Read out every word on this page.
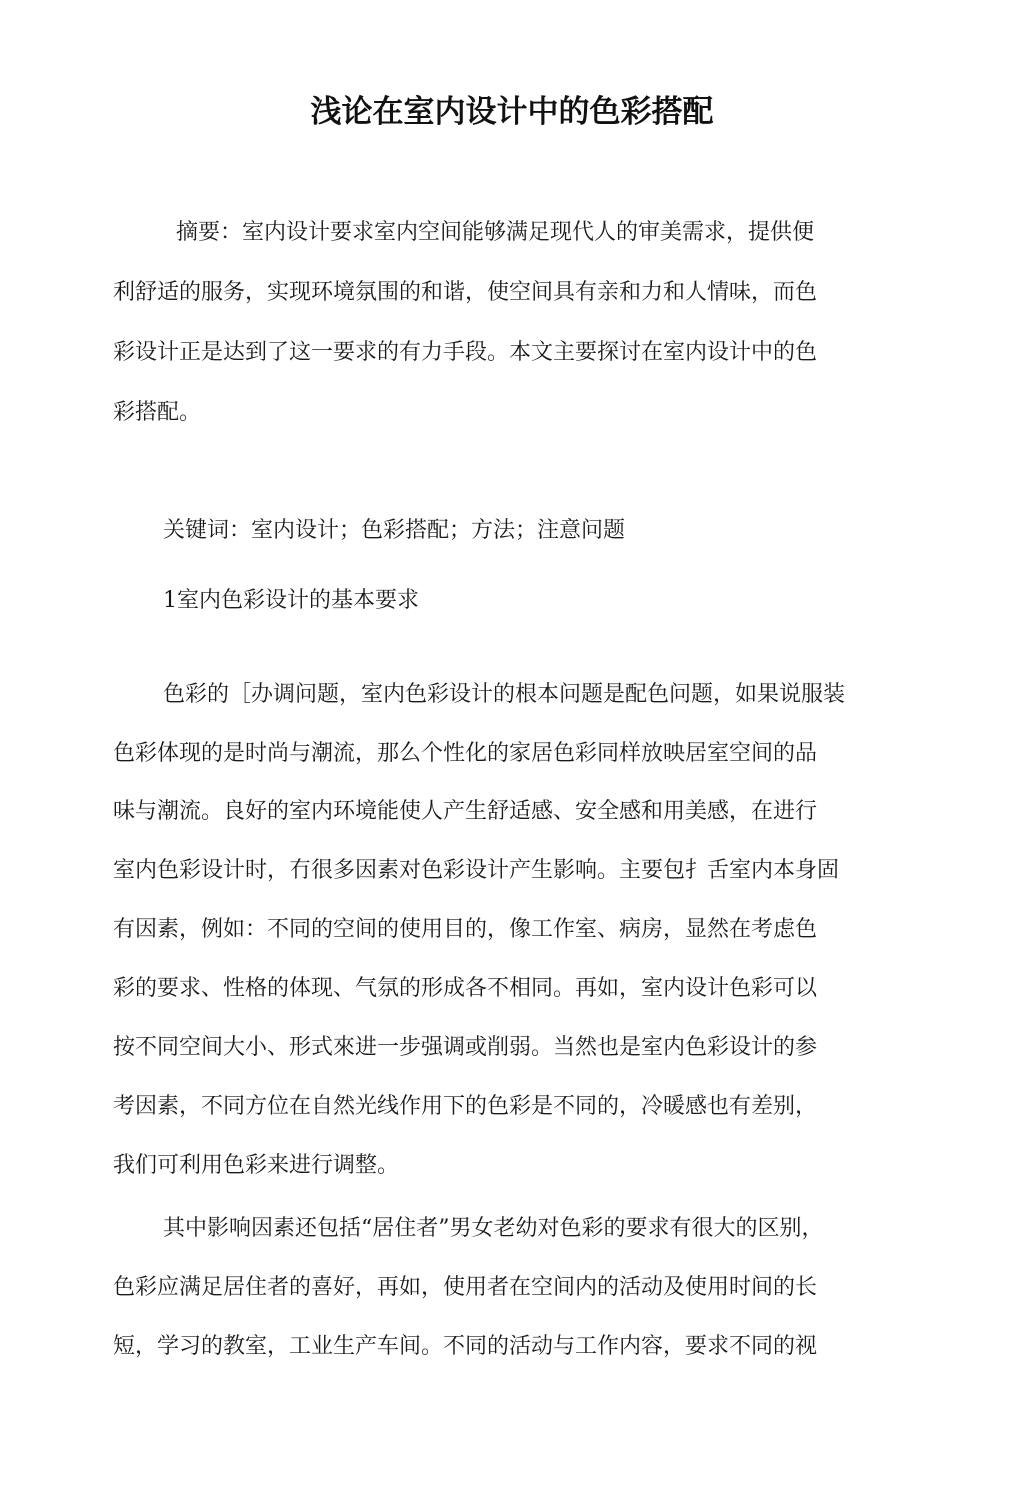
浅论在室内设计中的色彩搭配
摘要：室内设计要求室内空间能够满足现代人的审美需求，提供便
利舒适的服务，实现环境氛围的和谐，使空间具有亲和力和人情味，而色
彩设计正是达到了这一要求的有力手段。本文主要探讨在室内设计中的色
彩搭配。
关键词：室内设计；色彩搭配；方法；注意问题
1室内色彩设计的基本要求
色彩的［办调问题，室内色彩设计的根本问题是配色问题，如果说服装
色彩体现的是时尚与潮流，那么个性化的家居色彩同样放映居室空间的品
味与潮流。良好的室内环境能使人产生舒适感、安全感和用美感，在进行
室内色彩设计时，冇很多因素对色彩设计产生影响。主要包扌舌室内本身固
有因素，例如：不同的空间的使用目的，像工作室、病房，显然在考虑色
彩的要求、性格的体现、气氛的形成各不相同。再如，室内设计色彩可以
按不同空间大小、形式來进一步强调或削弱。当然也是室内色彩设计的参
考因素，不同方位在自然光线作用下的色彩是不同的，冷暖感也有差别，
我们可利用色彩来进行调整。
其中影响因素还包括“居住者”男女老幼对色彩的要求有很大的区别，
色彩应满足居住者的喜好，再如，使用者在空间内的活动及使用时间的长
短，学习的教室，工业生产车间。不同的活动与工作内容，要求不同的视
